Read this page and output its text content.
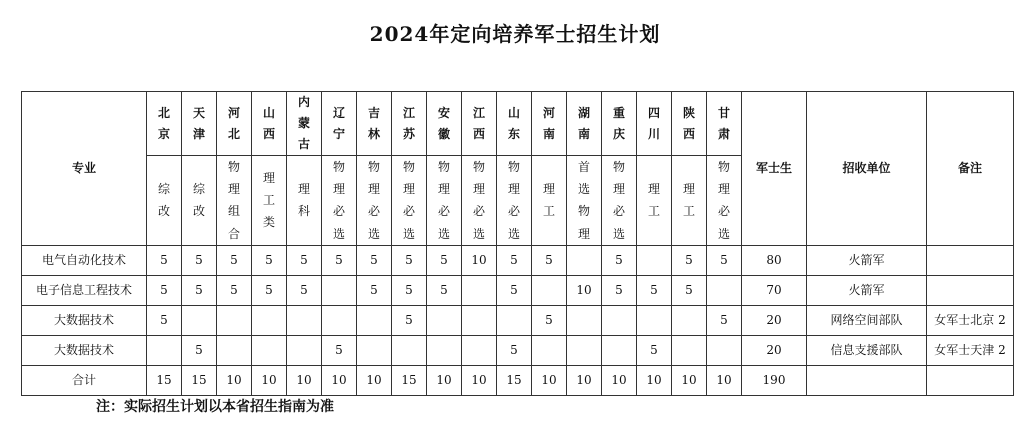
2024年定向培养军士招生计划
专业	北京	天津	河北	山西	内蒙古	辽宁	吉林	江苏	安徽	江西	山东	河南	湖南	重庆	四川	陕西	甘肃	军士生	招收单位	备注
	综改	综改	物理组合	理工类	理科	物理必选	物理必选	物理必选	物理必选	物理必选	物理必选	理工	首选物理	物理必选	理工	理工	物理必选			
电气自动化技术	5	5	5	5	5	5	5	5	5	10	5	5		5		5	5	80	火箭军	
电子信息工程技术	5	5	5	5	5		5	5	5		5		10	5	5	5		70	火箭军	
大数据技术	5							5				5					5	20	网络空间部队	女军士北京 2
大数据技术		5				5					5				5			20	信息支援部队	女军士天津 2
合计	15	15	10	10	10	10	10	15	10	10	15	10	10	10	10	10	10	190		
注：实际招生计划以本省招生指南为准
